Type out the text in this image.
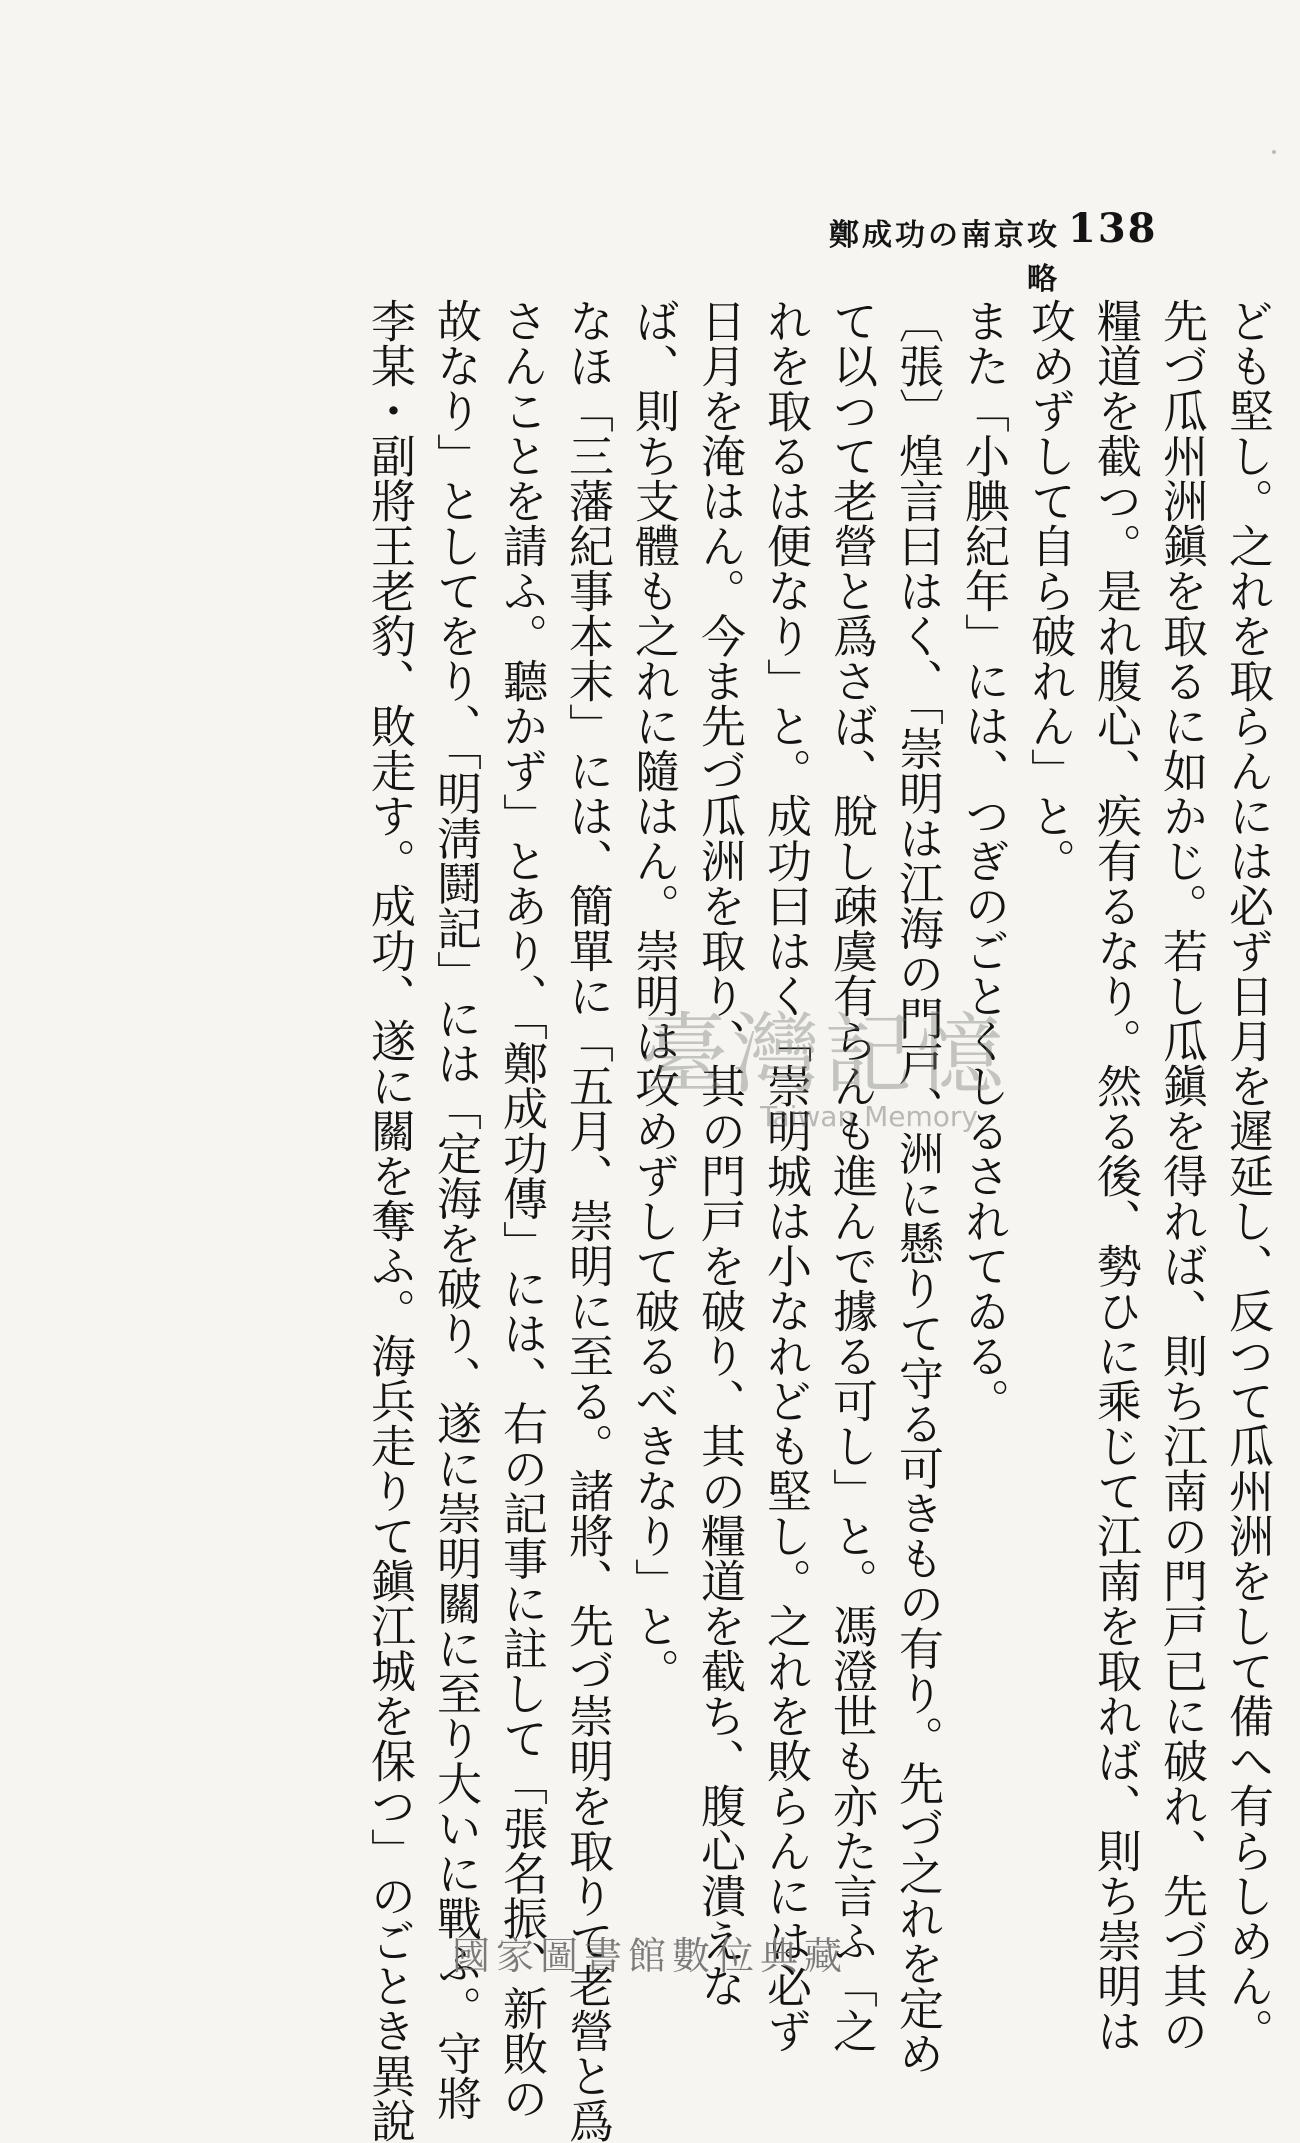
138
鄭成功の南京攻略
ども堅し。之れを取らんには必ず日月を遲延し、反つて瓜州洲をして備へ有らしめん。
先づ瓜州洲鎭を取るに如かじ。若し瓜鎭を得れば、則ち江南の門戸已に破れ、先づ其の
糧道を截つ。是れ腹心、疾有るなり。然る後、勢ひに乘じて江南を取れば、則ち崇明は
攻めずして自ら破れん」と。
また「小腆紀年」には、つぎのごとくしるされてゐる。
〔張〕煌言曰はく、「崇明は江海の門戸、洲に懸りて守る可きもの有り。先づ之れを定め
て以つて老營と爲さば、脫し疎虞有らんも進んで據る可し」と。馮澄世も亦た言ふ「之
れを取るは便なり」と。成功曰はく「崇明城は小なれども堅し。之れを敗らんには必ず
日月を淹はん。今ま先づ瓜洲を取り、其の門戸を破り、其の糧道を截ち、腹心潰えな
ば、則ち支體も之れに隨はん。崇明は攻めずして破るべきなり」と。
なほ「三藩紀事本末」には、簡單に「五月、崇明に至る。諸將、先づ崇明を取りて老營と爲
さんことを請ふ。聽かず」とあり、「鄭成功傳」には、右の記事に註して「張名振、新敗の
故なり」としてをり、「明淸鬪記」には「定海を破り、遂に崇明關に至り大いに戰ふ。守將
李某・副將王老豹、敗走す。成功、遂に關を奪ふ。海兵走りて鎭江城を保つ」のごとき異說	臺灣記憶
Taiwan Memory
國家圖書館數位典藏
